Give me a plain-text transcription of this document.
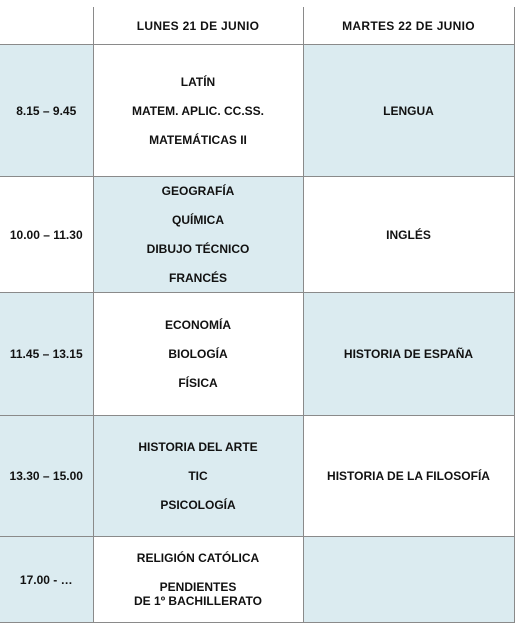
	LUNES 21 DE JUNIO	MARTES 22 DE JUNIO
8.15 – 9.45	LATÍN
MATEM. APLIC. CC.SS.
MATEMÁTICAS II	LENGUA

10.00 – 11.30	GEOGRAFÍA
QUÍMICA
DIBUJO TÉCNICO
FRANCÉS	INGLÉS

11.45 – 13.15	ECONOMÍA
BIOLOGÍA
FÍSICA	HISTORIA DE ESPAÑA

13.30 – 15.00	HISTORIA DEL ARTE
TIC
PSICOLOGÍA	HISTORIA DE LA FILOSOFÍA

17.00 - …	RELIGIÓN CATÓLICA
PENDIENTES
DE 1º BACHILLERATO	
